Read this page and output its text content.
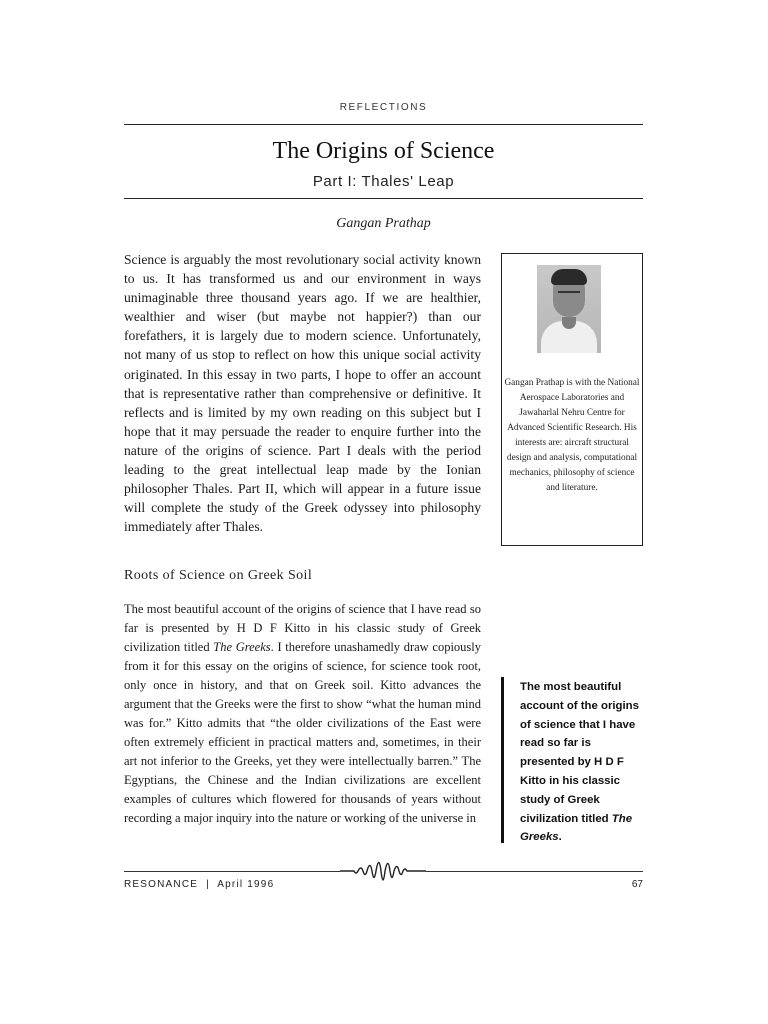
REFLECTIONS
The Origins of Science
Part I: Thales' Leap
Gangan Prathap

Science is arguably the most revolutionary social activity known to us. It has transformed us and our environment in ways unimaginable three thousand years ago. If we are healthier, wealthier and wiser (but maybe not happier?) than our forefathers, it is largely due to modern science. Unfortunately, not many of us stop to reflect on how this unique social activity originated. In this essay in two parts, I hope to offer an account that is representative rather than comprehensive or definitive. It reflects and is limited by my own reading on this subject but I hope that it may persuade the reader to enquire further into the nature of the origins of science. Part I deals with the period leading to the great intellectual leap made by the Ionian philosopher Thales. Part II, which will appear in a future issue will complete the study of the Greek odyssey into philosophy immediately after Thales.

Gangan Prathap is with the National Aerospace Laboratories and Jawaharlal Nehru Centre for Advanced Scientific Research. His interests are: aircraft structural design and analysis, computational mechanics, philosophy of science and literature.

Roots of Science on Greek Soil

The most beautiful account of the origins of science that I have read so far is presented by H D F Kitto in his classic study of Greek civilization titled The Greeks. I therefore unashamedly draw copiously from it for this essay on the origins of science, for science took root, only once in history, and that on Greek soil. Kitto advances the argument that the Greeks were the first to show “what the human mind was for.” Kitto admits that “the older civilizations of the East were often extremely efficient in practical matters and, sometimes, in their art not inferior to the Greeks, yet they were intellectually barren.” The Egyptians, the Chinese and the Indian civilizations are excellent examples of cultures which flowered for thousands of years without recording a major inquiry into the nature or working of the universe in

The most beautiful account of the origins of science that I have read so far is presented by H D F Kitto in his classic study of Greek civilization titled The Greeks.

RESONANCE  |  April 1996	67
